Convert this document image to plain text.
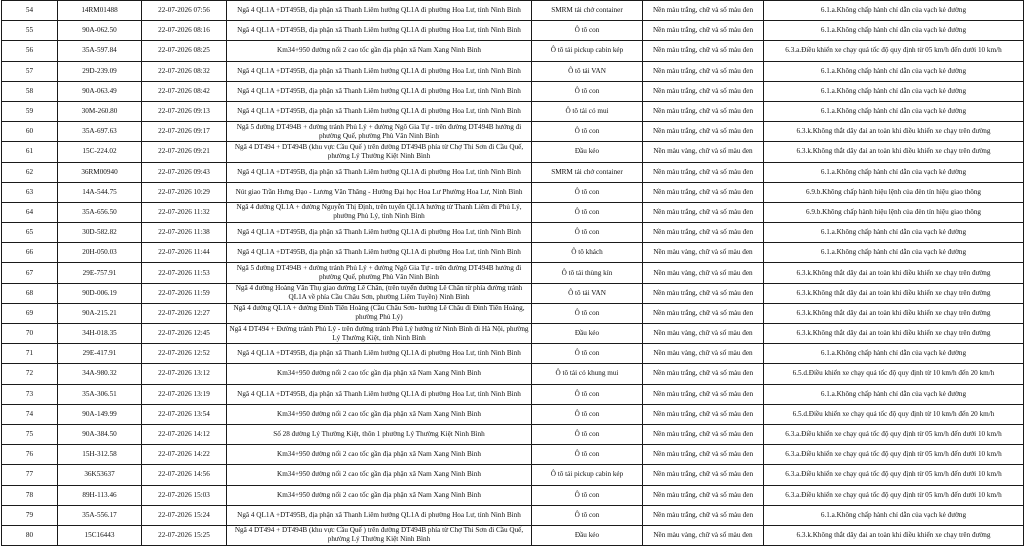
54	14RM01488	22-07-2026 07:56	Ngã 4 QL1A +DT495B, địa phận xã Thanh Liêm hướng QL1A đi phường Hoa Lư, tỉnh Ninh Bình	SMRM tải chở container	Nền màu trắng, chữ và số màu đen	6.1.a.Không chấp hành chỉ dẫn của vạch kẻ đường
55	90A-062.50	22-07-2026 08:16	Ngã 4 QL1A +DT495B, địa phận xã Thanh Liêm hướng QL1A đi phường Hoa Lư, tỉnh Ninh Bình	Ô tô con	Nền màu trắng, chữ và số màu đen	6.1.a.Không chấp hành chỉ dẫn của vạch kẻ đường
56	35A-597.84	22-07-2026 08:25	Km34+950 đường nối 2 cao tốc gần địa phận xã Nam Xang Ninh Bình	Ô tô tải pickup cabin kép	Nền màu trắng, chữ và số màu đen	6.3.a.Điều khiển xe chạy quá tốc độ quy định từ 05 km/h đến dưới 10 km/h
57	29D-239.09	22-07-2026 08:32	Ngã 4 QL1A +DT495B, địa phận xã Thanh Liêm hướng QL1A đi phường Hoa Lư, tỉnh Ninh Bình	Ô tô tải VAN	Nền màu trắng, chữ và số màu đen	6.1.a.Không chấp hành chỉ dẫn của vạch kẻ đường
58	90A-063.49	22-07-2026 08:42	Ngã 4 QL1A +DT495B, địa phận xã Thanh Liêm hướng QL1A đi phường Hoa Lư, tỉnh Ninh Bình	Ô tô con	Nền màu trắng, chữ và số màu đen	6.1.a.Không chấp hành chỉ dẫn của vạch kẻ đường
59	30M-260.80	22-07-2026 09:13	Ngã 4 QL1A +DT495B, địa phận xã Thanh Liêm hướng QL1A đi phường Hoa Lư, tỉnh Ninh Bình	Ô tô tải có mui	Nền màu trắng, chữ và số màu đen	6.1.a.Không chấp hành chỉ dẫn của vạch kẻ đường
60	35A-697.63	22-07-2026 09:17	Ngã 5 đường DT494B + đường tránh Phủ Lý + đường Ngô Gia Tự - trên đường DT494B hướng đi phường Quế, phường Phù Vân Ninh Bình	Ô tô con	Nền màu trắng, chữ và số màu đen	6.3.k.Không thắt dây đai an toàn khi điều khiển xe chạy trên đường
61	15C-224.02	22-07-2026 09:21	Ngã 4 DT494 + DT494B (khu vực Cầu Quế ) trên đường DT494B phía từ Chợ Thi Sơn đi Cầu Quế, phường Lý Thường Kiệt Ninh Bình	Đầu kéo	Nền màu vàng, chữ và số màu đen	6.3.k.Không thắt dây đai an toàn khi điều khiển xe chạy trên đường
62	36RM00940	22-07-2026 09:43	Ngã 4 QL1A +DT495B, địa phận xã Thanh Liêm hướng QL1A đi phường Hoa Lư, tỉnh Ninh Bình	SMRM tải chở container	Nền màu trắng, chữ và số màu đen	6.1.a.Không chấp hành chỉ dẫn của vạch kẻ đường
63	14A-544.75	22-07-2026 10:29	Nút giao Trần Hưng Đạo - Lương Văn Thăng - Hướng Đại học Hoa Lư Phường Hoa Lư, Ninh Bình	Ô tô con	Nền màu trắng, chữ và số màu đen	6.9.b.Không chấp hành hiệu lệnh của đèn tín hiệu giao thông
64	35A-656.50	22-07-2026 11:32	Ngã 4 đường QL1A + đường Nguyễn Thị Định, trên tuyến QL1A hướng từ Thanh Liêm đi Phủ Lý, phường Phủ Lý, tỉnh Ninh Bình	Ô tô con	Nền màu trắng, chữ và số màu đen	6.9.b.Không chấp hành hiệu lệnh của đèn tín hiệu giao thông
65	30D-582.82	22-07-2026 11:38	Ngã 4 QL1A +DT495B, địa phận xã Thanh Liêm hướng QL1A đi phường Hoa Lư, tỉnh Ninh Bình	Ô tô con	Nền màu trắng, chữ và số màu đen	6.1.a.Không chấp hành chỉ dẫn của vạch kẻ đường
66	20H-050.03	22-07-2026 11:44	Ngã 4 QL1A +DT495B, địa phận xã Thanh Liêm hướng QL1A đi phường Hoa Lư, tỉnh Ninh Bình	Ô tô khách	Nền màu vàng, chữ và số màu đen	6.1.a.Không chấp hành chỉ dẫn của vạch kẻ đường
67	29E-757.91	22-07-2026 11:53	Ngã 5 đường DT494B + đường tránh Phủ Lý + đường Ngô Gia Tự - trên đường DT494B hướng đi phường Quế, phường Phù Vân Ninh Bình	Ô tô tải thùng kín	Nền màu vàng, chữ và số màu đen	6.3.k.Không thắt dây đai an toàn khi điều khiển xe chạy trên đường
68	90D-006.19	22-07-2026 11:59	Ngã 4 đường Hoàng Văn Thụ giao đường Lê Chân, (trên tuyến đường Lê Chân từ phía đường tránh QL1A về phía Cầu Châu Sơn, phường Liêm Tuyền) Ninh Bình	Ô tô tải VAN	Nền màu trắng, chữ và số màu đen	6.3.k.Không thắt dây đai an toàn khi điều khiển xe chạy trên đường
69	90A-215.21	22-07-2026 12:27	Ngã 4 đường QL1A + đường Đinh Tiên Hoàng (Cầu Châu Sơn- hướng Lê Châu đi Đinh Tiên Hoàng, phường Phủ Lý)	Ô tô con	Nền màu trắng, chữ và số màu đen	6.3.k.Không thắt dây đai an toàn khi điều khiển xe chạy trên đường
70	34H-018.35	22-07-2026 12:45	Ngã 4 DT494 + Đường tránh Phủ Lý - trên đường tránh Phủ Lý hướng từ Ninh Bình đi Hà Nội, phường Lý Thường Kiệt, tỉnh Ninh Bình	Đầu kéo	Nền màu vàng, chữ và số màu đen	6.3.k.Không thắt dây đai an toàn khi điều khiển xe chạy trên đường
71	29E-417.91	22-07-2026 12:52	Ngã 4 QL1A +DT495B, địa phận xã Thanh Liêm hướng QL1A đi phường Hoa Lư, tỉnh Ninh Bình	Ô tô con	Nền màu vàng, chữ và số màu đen	6.1.a.Không chấp hành chỉ dẫn của vạch kẻ đường
72	34A-980.32	22-07-2026 13:12	Km34+950 đường nối 2 cao tốc gần địa phận xã Nam Xang Ninh Bình	Ô tô tải có khung mui	Nền màu trắng, chữ và số màu đen	6.5.d.Điều khiển xe chạy quá tốc độ quy định từ 10 km/h đến 20 km/h
73	35A-306.51	22-07-2026 13:19	Ngã 4 QL1A +DT495B, địa phận xã Thanh Liêm hướng QL1A đi phường Hoa Lư, tỉnh Ninh Bình	Ô tô con	Nền màu trắng, chữ và số màu đen	6.1.a.Không chấp hành chỉ dẫn của vạch kẻ đường
74	90A-149.99	22-07-2026 13:54	Km34+950 đường nối 2 cao tốc gần địa phận xã Nam Xang Ninh Bình	Ô tô con	Nền màu trắng, chữ và số màu đen	6.5.d.Điều khiển xe chạy quá tốc độ quy định từ 10 km/h đến 20 km/h
75	90A-384.50	22-07-2026 14:12	Số 28 đường Lý Thường Kiệt, thôn 1 phường Lý Thường Kiệt Ninh Bình	Ô tô con	Nền màu trắng, chữ và số màu đen	6.3.a.Điều khiển xe chạy quá tốc độ quy định từ 05 km/h đến dưới 10 km/h
76	15H-312.58	22-07-2026 14:22	Km34+950 đường nối 2 cao tốc gần địa phận xã Nam Xang Ninh Bình	Ô tô con	Nền màu trắng, chữ và số màu đen	6.3.a.Điều khiển xe chạy quá tốc độ quy định từ 05 km/h đến dưới 10 km/h
77	36K53637	22-07-2026 14:56	Km34+950 đường nối 2 cao tốc gần địa phận xã Nam Xang Ninh Bình	Ô tô tải pickup cabin kép	Nền màu trắng, chữ và số màu đen	6.3.a.Điều khiển xe chạy quá tốc độ quy định từ 05 km/h đến dưới 10 km/h
78	89H-113.46	22-07-2026 15:03	Km34+950 đường nối 2 cao tốc gần địa phận xã Nam Xang Ninh Bình	Ô tô con	Nền màu trắng, chữ và số màu đen	6.3.a.Điều khiển xe chạy quá tốc độ quy định từ 05 km/h đến dưới 10 km/h
79	35A-556.17	22-07-2026 15:24	Ngã 4 QL1A +DT495B, địa phận xã Thanh Liêm hướng QL1A đi phường Hoa Lư, tỉnh Ninh Bình	Ô tô con	Nền màu trắng, chữ và số màu đen	6.1.a.Không chấp hành chỉ dẫn của vạch kẻ đường
80	15C16443	22-07-2026 15:25	Ngã 4 DT494 + DT494B (khu vực Cầu Quế ) trên đường DT494B phía từ Chợ Thi Sơn đi Cầu Quế, phường Lý Thường Kiệt Ninh Bình	Đầu kéo	Nền màu vàng, chữ và số màu đen	6.3.k.Không thắt dây đai an toàn khi điều khiển xe chạy trên đường
